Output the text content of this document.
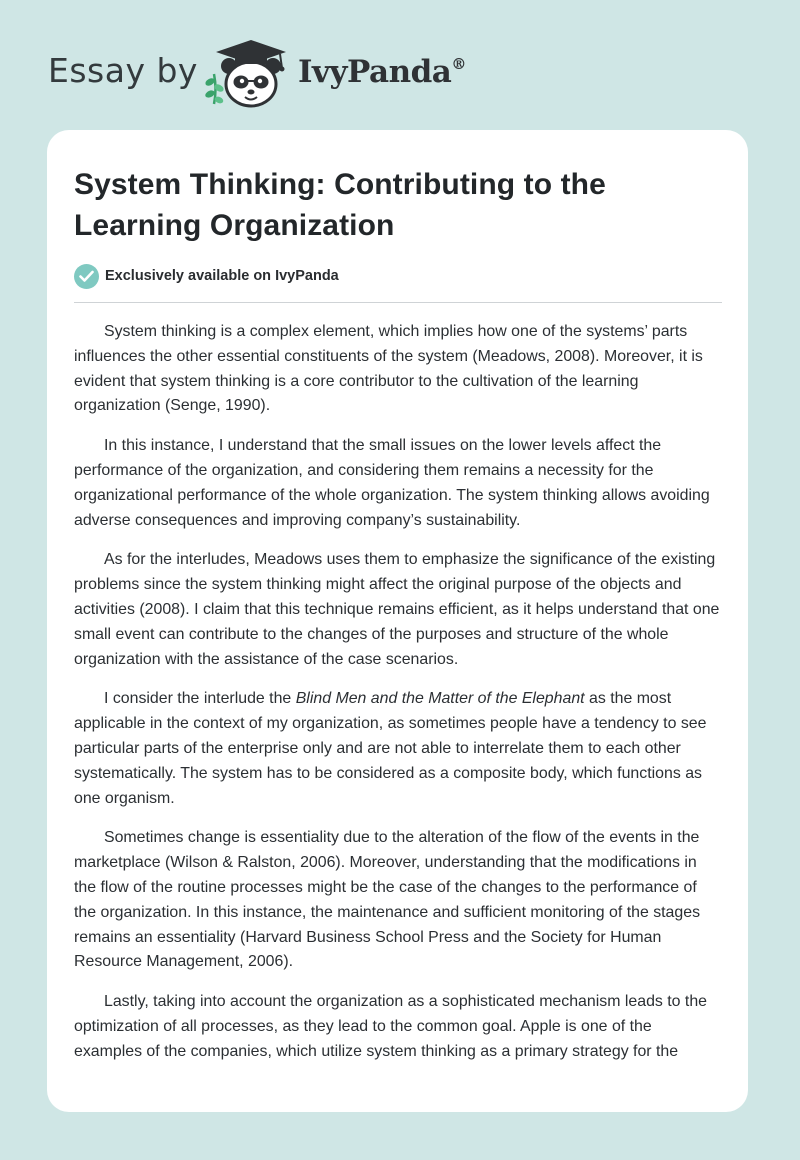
Essay by	IvyPanda®
System Thinking: Contributing to the Learning Organization
Exclusively available on IvyPanda

System thinking is a complex element, which implies how one of the systems’ parts influences the other essential constituents of the system (Meadows, 2008). Moreover, it is evident that system thinking is a core contributor to the cultivation of the learning organization (Senge, 1990).

In this instance, I understand that the small issues on the lower levels affect the performance of the organization, and considering them remains a necessity for the organizational performance of the whole organization. The system thinking allows avoiding adverse consequences and improving company’s sustainability.

As for the interludes, Meadows uses them to emphasize the significance of the existing problems since the system thinking might affect the original purpose of the objects and activities (2008). I claim that this technique remains efficient, as it helps understand that one small event can contribute to the changes of the purposes and structure of the whole organization with the assistance of the case scenarios.

I consider the interlude the Blind Men and the Matter of the Elephant as the most applicable in the context of my organization, as sometimes people have a tendency to see particular parts of the enterprise only and are not able to interrelate them to each other systematically. The system has to be considered as a composite body, which functions as one organism.

Sometimes change is essentiality due to the alteration of the flow of the events in the marketplace (Wilson & Ralston, 2006). Moreover, understanding that the modifications in the flow of the routine processes might be the case of the changes to the performance of the organization. In this instance, the maintenance and sufficient monitoring of the stages remains an essentiality (Harvard Business School Press and the Society for Human Resource Management, 2006).

Lastly, taking into account the organization as a sophisticated mechanism leads to the optimization of all processes, as they lead to the common goal. Apple is one of the examples of the companies, which utilize system thinking as a primary strategy for the
